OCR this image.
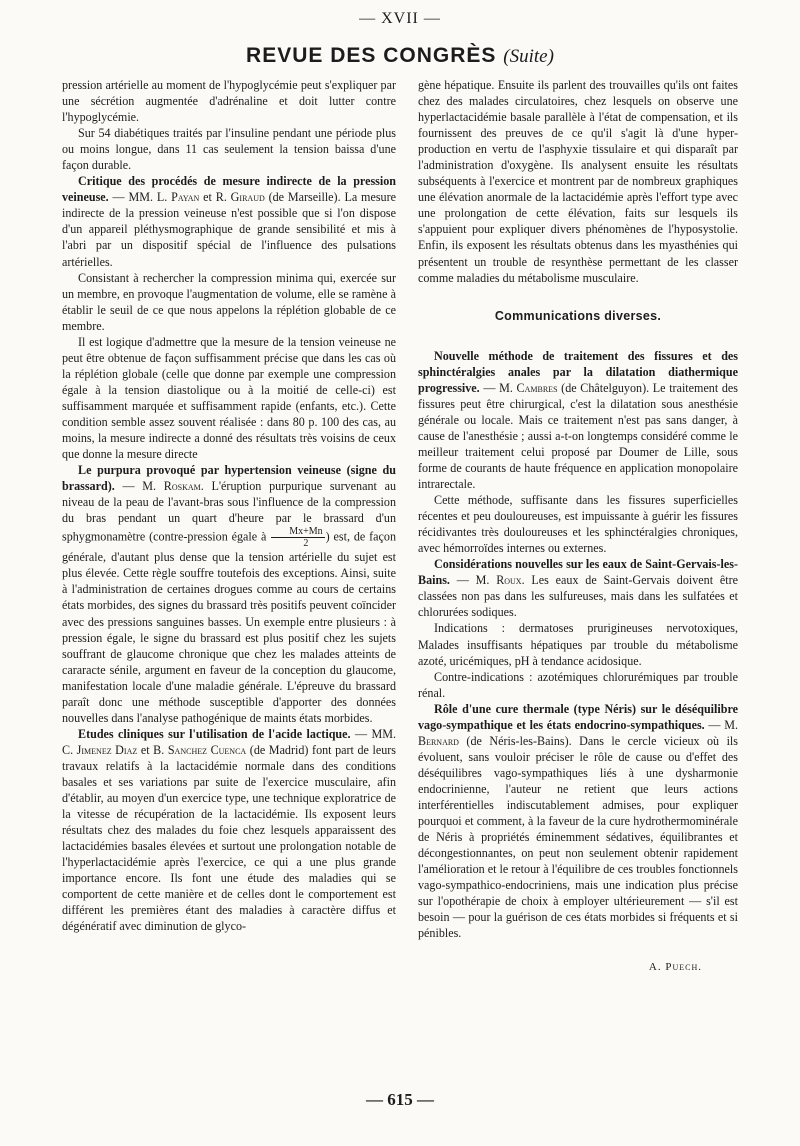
— XVII —
REVUE DES CONGRÈS (Suite)

pression artérielle au moment de l'hypoglycémie peut s'expliquer par une sécrétion augmentée d'adrénaline et doit lutter contre l'hypoglycémie.

Sur 54 diabétiques traités par l'insuline pendant une période plus ou moins longue, dans 11 cas seulement la tension baissa d'une façon durable.

Critique des procédés de mesure indirecte de la pression veineuse. — MM. L. Payan et R. Giraud (de Marseille). La mesure indirecte de la pression veineuse n'est possible que si l'on dispose d'un appareil pléthysmographique de grande sensibilité et mis à l'abri par un dispositif spécial de l'influence des pulsations artérielles.

Consistant à rechercher la compression minima qui, exercée sur un membre, en provoque l'augmentation de volume, elle se ramène à établir le seuil de ce que nous appelons la réplétion globable de ce membre.

Il est logique d'admettre que la mesure de la tension veineuse ne peut être obtenue de façon suffisamment précise que dans les cas où la réplétion globale (celle que donne par exemple une compression égale à la tension diastolique ou à la moitié de celle-ci) est suffisamment marquée et suffisamment rapide (enfants, etc.). Cette condition semble assez souvent réalisée : dans 80 p. 100 des cas, au moins, la mesure indirecte a donné des résultats très voisins de ceux que donne la mesure directe

Le purpura provoqué par hypertension veineuse (signe du brassard). — M. Roskam. L'éruption purpurique survenant au niveau de la peau de l'avant-bras sous l'influence de la compression du bras pendant un quart d'heure par le brassard d'un sphygmonamètre (contre-pression égale à $\frac{Mx+Mn}{2}$ ) est, de façon générale, d'autant plus dense que la tension artérielle du sujet est plus élevée. Cette règle souffre toutefois des exceptions. Ainsi, suite à l'administration de certaines drogues comme au cours de certains états morbides, des signes du brassard très positifs peuvent coïncider avec des pressions sanguines basses. Un exemple entre plusieurs : à pression égale, le signe du brassard est plus positif chez les sujets souffrant de glaucome chronique que chez les malades atteints de cararacte sénile, argument en faveur de la conception du glaucome, manifestation locale d'une maladie générale. L'épreuve du brassard paraît donc une méthode susceptible d'apporter des données nouvelles dans l'analyse pathogénique de maints états morbides.

Etudes cliniques sur l'utilisation de l'acide lactique. — MM. C. Jimenez Diaz et B. Sanchez Cuenca (de Madrid) font part de leurs travaux relatifs à la lactacidémie normale dans des conditions basales et ses variations par suite de l'exercice musculaire, afin d'établir, au moyen d'un exercice type, une technique exploratrice de la vitesse de récupération de la lactacidémie. Ils exposent leurs résultats chez des malades du foie chez lesquels apparaissent des lactacidémies basales élevées et surtout une prolongation notable de l'hyperlactacidémie après l'exercice, ce qui a une plus grande importance encore. Ils font une étude des maladies qui se comportent de cette manière et de celles dont le comportement est différent les premières étant des maladies à caractère diffus et dégénératif avec diminution de glyco-

gène hépatique. Ensuite ils parlent des trouvailles qu'ils ont faites chez des malades circulatoires, chez lesquels on observe une hyperlactacidémie basale parallèle à l'état de compensation, et ils fournissent des preuves de ce qu'il s'agit là d'une hyper-production en vertu de l'asphyxie tissulaire et qui disparaît par l'administration d'oxygène. Ils analysent ensuite les résultats subséquents à l'exercice et montrent par de nombreux graphiques une élévation anormale de la lactacidémie après l'effort type avec une prolongation de cette élévation, faits sur lesquels ils s'appuient pour expliquer divers phénomènes de l'hyposystolie. Enfin, ils exposent les résultats obtenus dans les myasthénies qui présentent un trouble de resynthèse permettant de les classer comme maladies du métabolisme musculaire.

Communications diverses.

Nouvelle méthode de traitement des fissures et des sphinctéralgies anales par la dilatation diathermique progressive. — M. Cambres (de Châtelguyon). Le traitement des fissures peut être chirurgical, c'est la dilatation sous anesthésie générale ou locale. Mais ce traitement n'est pas sans danger, à cause de l'anesthésie ; aussi a-t-on longtemps considéré comme le meilleur traitement celui proposé par Doumer de Lille, sous forme de courants de haute fréquence en application monopolaire intrarectale.

Cette méthode, suffisante dans les fissures superficielles récentes et peu douloureuses, est impuissante à guérir les fissures récidivantes très douloureuses et les sphinctéralgies chroniques, avec hémorroïdes internes ou externes.

Considérations nouvelles sur les eaux de Saint-Gervais-les-Bains. — M. Roux. Les eaux de Saint-Gervais doivent être classées non pas dans les sulfureuses, mais dans les sulfatées et chlorurées sodiques.

Indications : dermatoses prurigineuses nervotoxiques, Malades insuffisants hépatiques par trouble du métabolisme azoté, uricémiques, pH à tendance acidosique.

Contre-indications : azotémiques chlorurémiques par trouble rénal.

Rôle d'une cure thermale (type Néris) sur le déséquilibre vago-sympathique et les états endocrino-sympathiques. — M. Bernard (de Néris-les-Bains). Dans le cercle vicieux où ils évoluent, sans vouloir préciser le rôle de cause ou d'effet des déséquilibres vago-sympathiques liés à une dysharmonie endocrinienne, l'auteur ne retient que leurs actions interférentielles indiscutablement admises, pour expliquer pourquoi et comment, à la faveur de la cure hydrothermominérale de Néris à propriétés éminemment sédatives, équilibrantes et décongestionnantes, on peut non seulement obtenir rapidement l'amélioration et le retour à l'équilibre de ces troubles fonctionnels vago-sympathico-endocriniens, mais une indication plus précise sur l'opothérapie de choix à employer ultérieurement — s'il est besoin — pour la guérison de ces états morbides si fréquents et si pénibles.

A. Puech.
— 615 —
